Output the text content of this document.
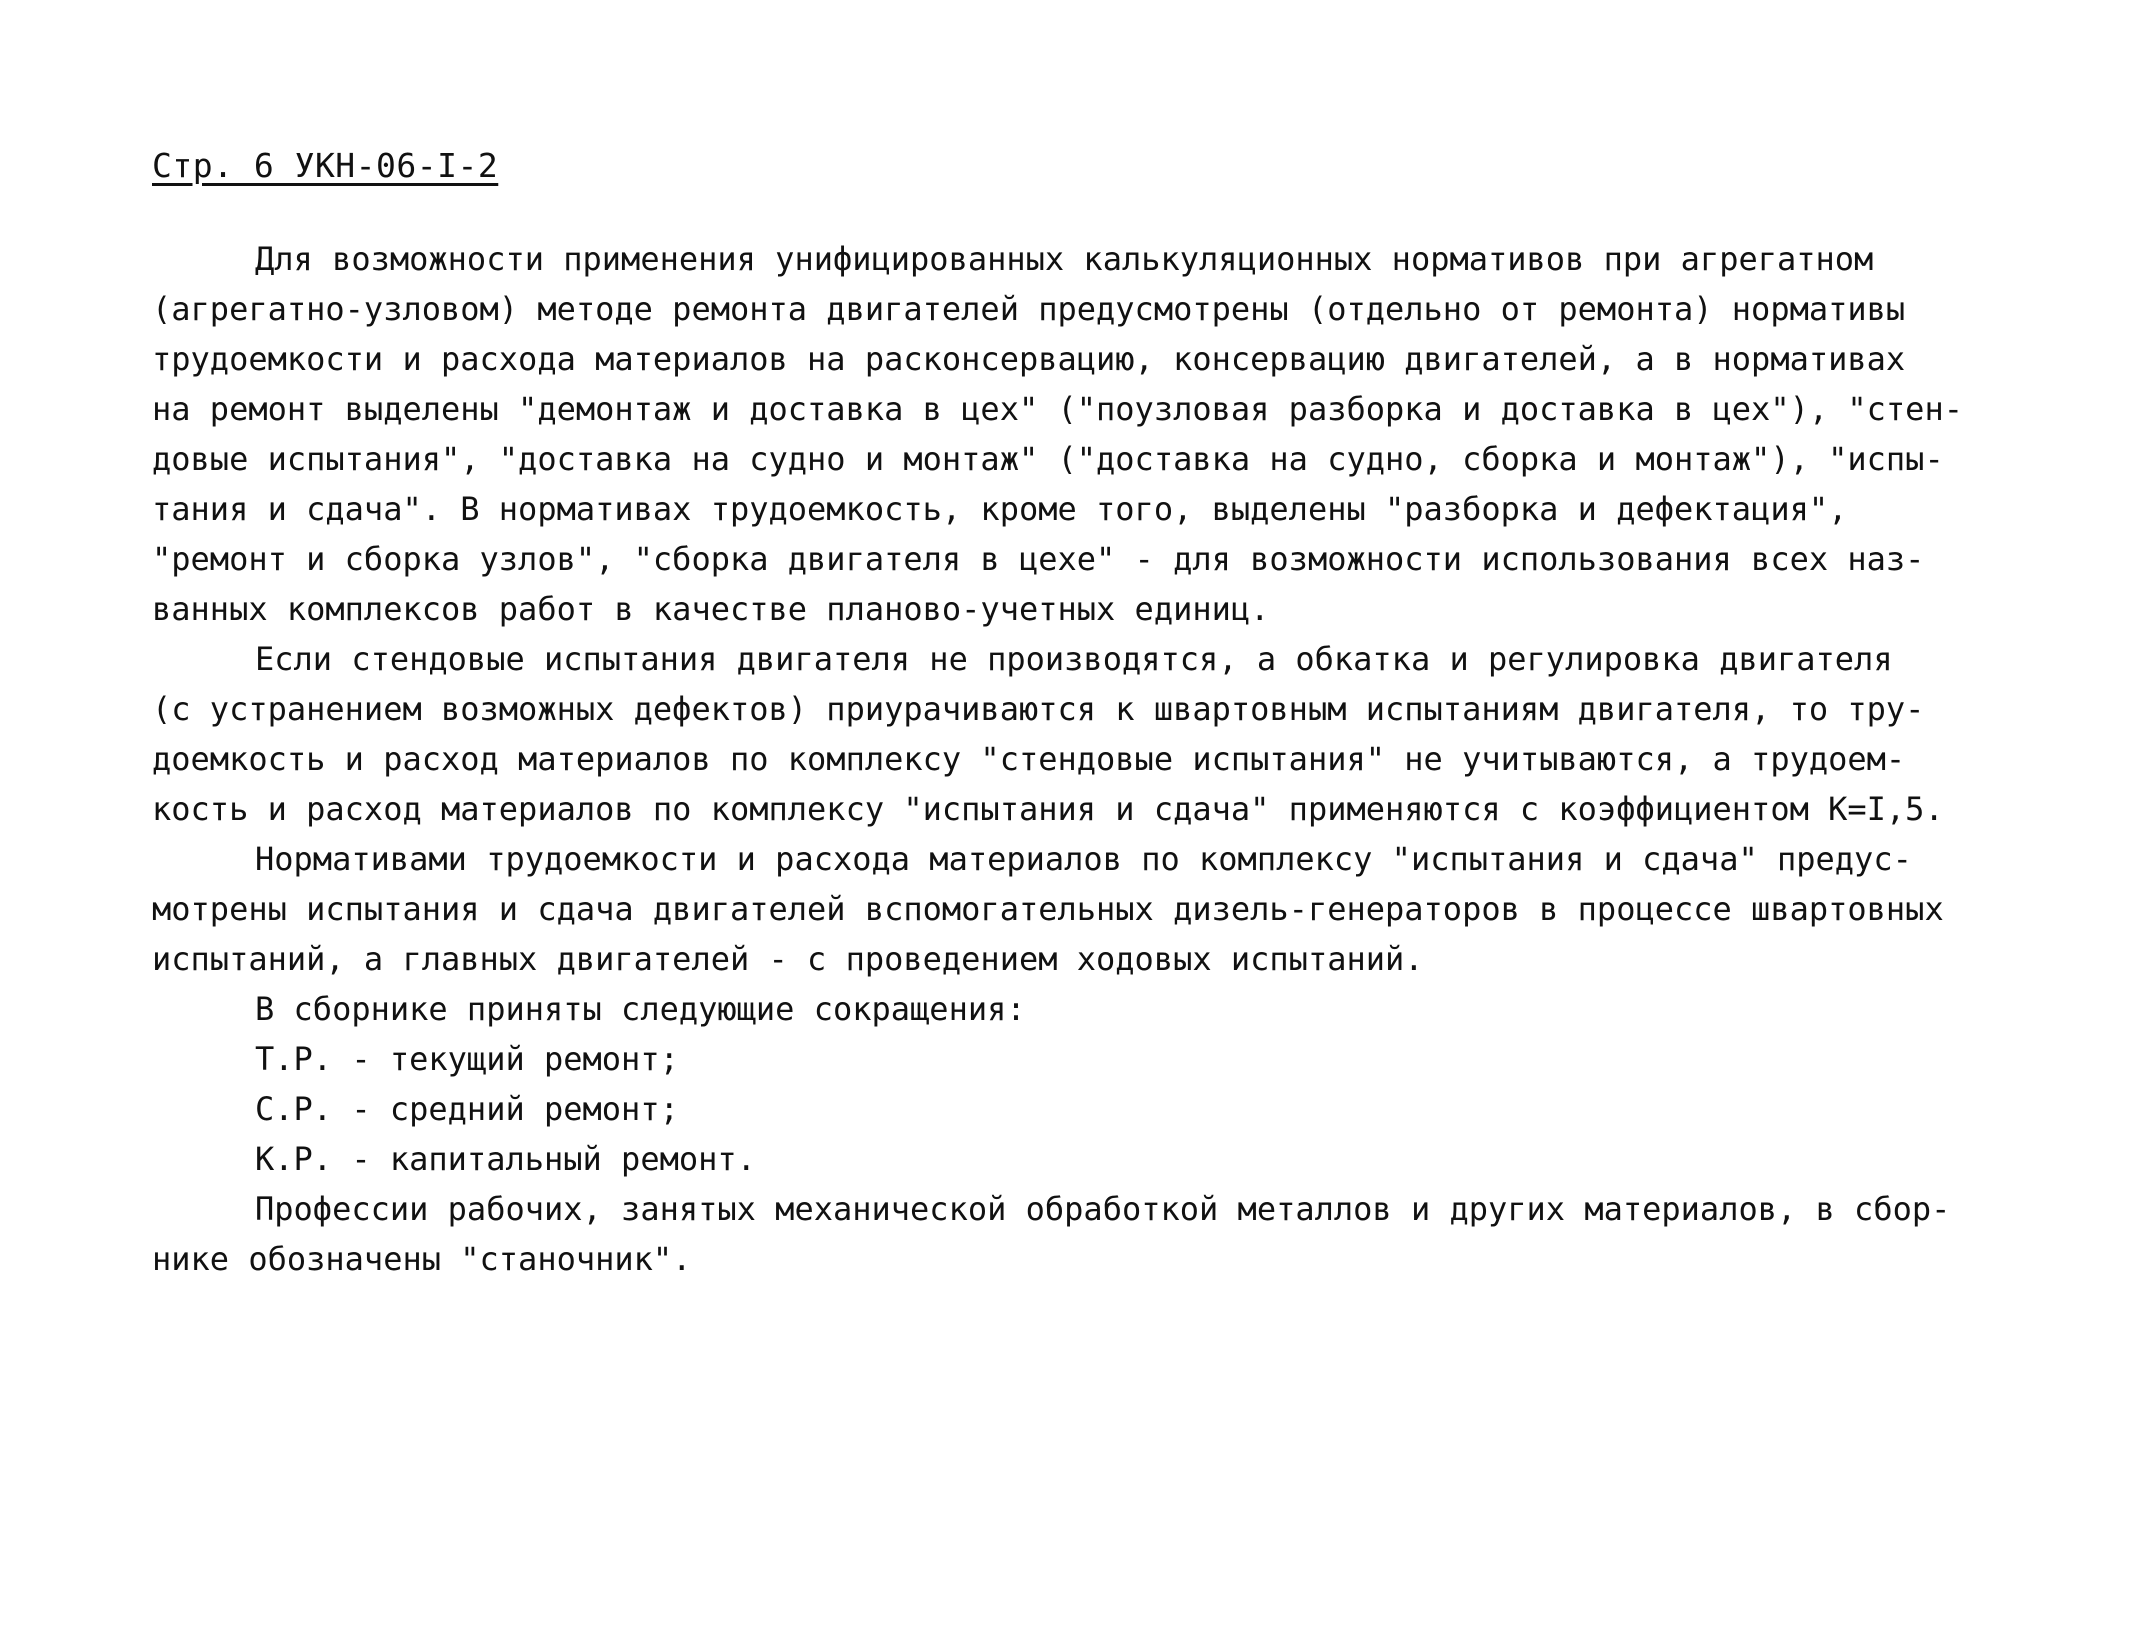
Стр. 6 УКН-06-I-2
Для возможности применения унифицированных калькуляционных нормативов при агрегатном
(агрегатно-узловом) методе ремонта двигателей предусмотрены (отдельно от ремонта) нормативы
трудоемкости и расхода материалов на расконсервацию, консервацию двигателей, а в нормативах
на ремонт выделены "демонтаж и доставка в цех" ("поузловая разборка и доставка в цех"), "стен-
довые испытания", "доставка на судно и монтаж" ("доставка на судно, сборка и монтаж"), "испы-
тания и сдача". В нормативах трудоемкость, кроме того, выделены "разборка и дефектация",
"ремонт и сборка узлов", "сборка двигателя в цехе" - для возможности использования всех наз-
ванных комплексов работ в качестве планово-учетных единиц.
Если стендовые испытания двигателя не производятся, а обкатка и регулировка двигателя
(с устранением возможных дефектов) приурачиваются к швартовным испытаниям двигателя, то тру-
доемкость и расход материалов по комплексу "стендовые испытания" не учитываются, а трудоем-
кость и расход материалов по комплексу "испытания и сдача" применяются с коэффициентом К=I,5.
Нормативами трудоемкости и расхода материалов по комплексу "испытания и сдача" предус-
мотрены испытания и сдача двигателей вспомогательных дизель-генераторов в процессе швартовных
испытаний, а главных двигателей - с проведением ходовых испытаний.
В сборнике приняты следующие сокращения:
Т.Р. - текущий ремонт;
С.Р. - средний ремонт;
К.Р. - капитальный ремонт.
Профессии рабочих, занятых механической обработкой металлов и других материалов, в сбор-
нике обозначены "станочник".
